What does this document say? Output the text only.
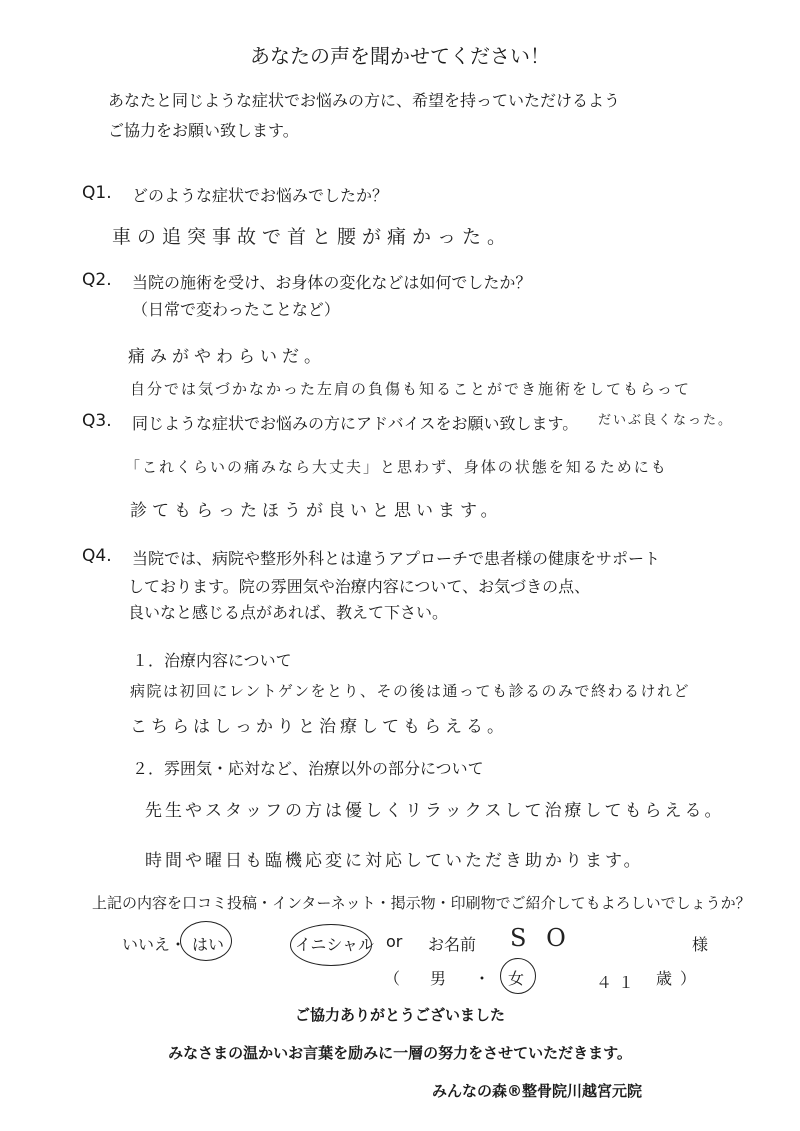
あなたの声を聞かせてください！
あなたと同じような症状でお悩みの方に、希望を持っていただけるよう
ご協力をお願い致します。
Q1. どのような症状でお悩みでしたか？
車の追突事故で首と腰が痛かった。
Q2. 当院の施術を受け、お身体の変化などは如何でしたか？
（日常で変わったことなど）
痛みがやわらいだ。
自分では気づかなかった左肩の負傷も知ることができ施術をしてもらって
だいぶ良くなった。
Q3. 同じような症状でお悩みの方にアドバイスをお願い致します。
「これくらいの痛みなら大丈夫」と思わず、身体の状態を知るためにも
診てもらったほうが良いと思います。
Q4. 当院では、病院や整形外科とは違うアプローチで患者様の健康をサポート
しております。院の雰囲気や治療内容について、お気づきの点、
良いなと感じる点があれば、教えて下さい。
１．治療内容について
病院は初回にレントゲンをとり、その後は通っても診るのみで終わるけれど
こちらはしっかりと治療してもらえる。
２．雰囲気・応対など、治療以外の部分について
先生やスタッフの方は優しくリラックスして治療してもらえる。
時間や曜日も臨機応変に対応していただき助かります。
上記の内容を口コミ投稿・インターネット・掲示物・印刷物でご紹介してもよろしいでしょうか？
いいえ ・ はい	イニシャル or お名前 S O	様
（ 男 ・ 女	４１ 歳 ）
ご協力ありがとうございました
みなさまの温かいお言葉を励みに一層の努力をさせていただきます。
みんなの森®整骨院川越宮元院
